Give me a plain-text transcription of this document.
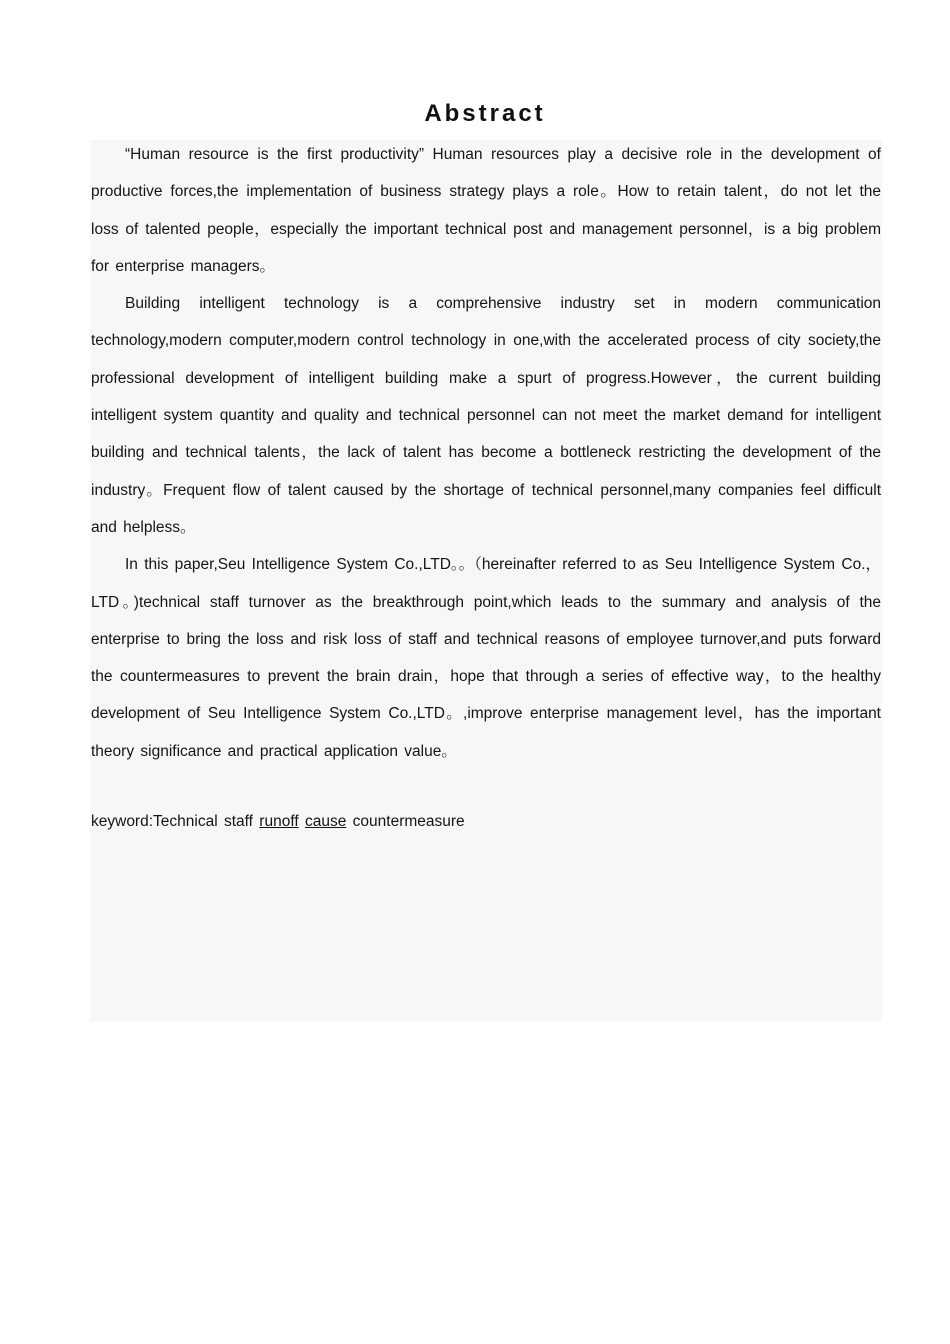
Abstract

“Human resource is the first productivity” Human resources play a decisive role in the development of productive forces,the implementation of business strategy plays a role。How to retain talent，do not let the loss of talented people，especially the important technical post and management personnel，is a big problem for enterprise managers。

Building intelligent technology is a comprehensive industry set in modern communication technology,modern computer,modern control technology in one,with the accelerated process of city society,the professional development of intelligent building make a spurt of progress.However，the current building intelligent system quantity and quality and technical personnel can not meet the market demand for intelligent building and technical talents，the lack of talent has become a bottleneck restricting the development of the industry。Frequent flow of talent caused by the shortage of technical personnel,many companies feel difficult and helpless。

In this paper,Seu Intelligence System Co.,LTD。。（hereinafter referred to as Seu Intelligence System Co.，LTD。)technical staff turnover as the breakthrough point,which leads to the summary and analysis of the enterprise to bring the loss and risk loss of staff and technical reasons of employee turnover,and puts forward the countermeasures to prevent the brain drain，hope that through a series of effective way，to the healthy development of Seu Intelligence System Co.,LTD。,improve enterprise management level，has the important theory significance and practical application value。

keyword:Technical staff runoff cause countermeasure
